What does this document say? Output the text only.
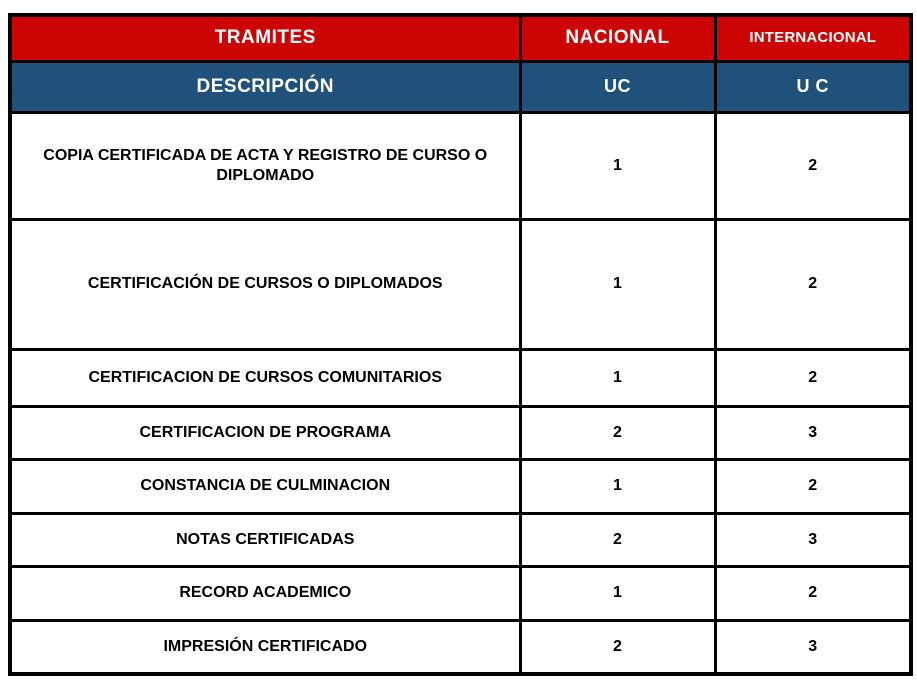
TRAMITES	NACIONAL	INTERNACIONAL
DESCRIPCIÓN	UC	U C
COPIA CERTIFICADA DE ACTA Y REGISTRO DE CURSO O DIPLOMADO	1	2
CERTIFICACIÓN DE CURSOS O DIPLOMADOS	1	2
CERTIFICACION DE CURSOS COMUNITARIOS	1	2
CERTIFICACION DE PROGRAMA	2	3
CONSTANCIA DE CULMINACION	1	2
NOTAS CERTIFICADAS	2	3
RECORD ACADEMICO	1	2
IMPRESIÓN CERTIFICADO	2	3
